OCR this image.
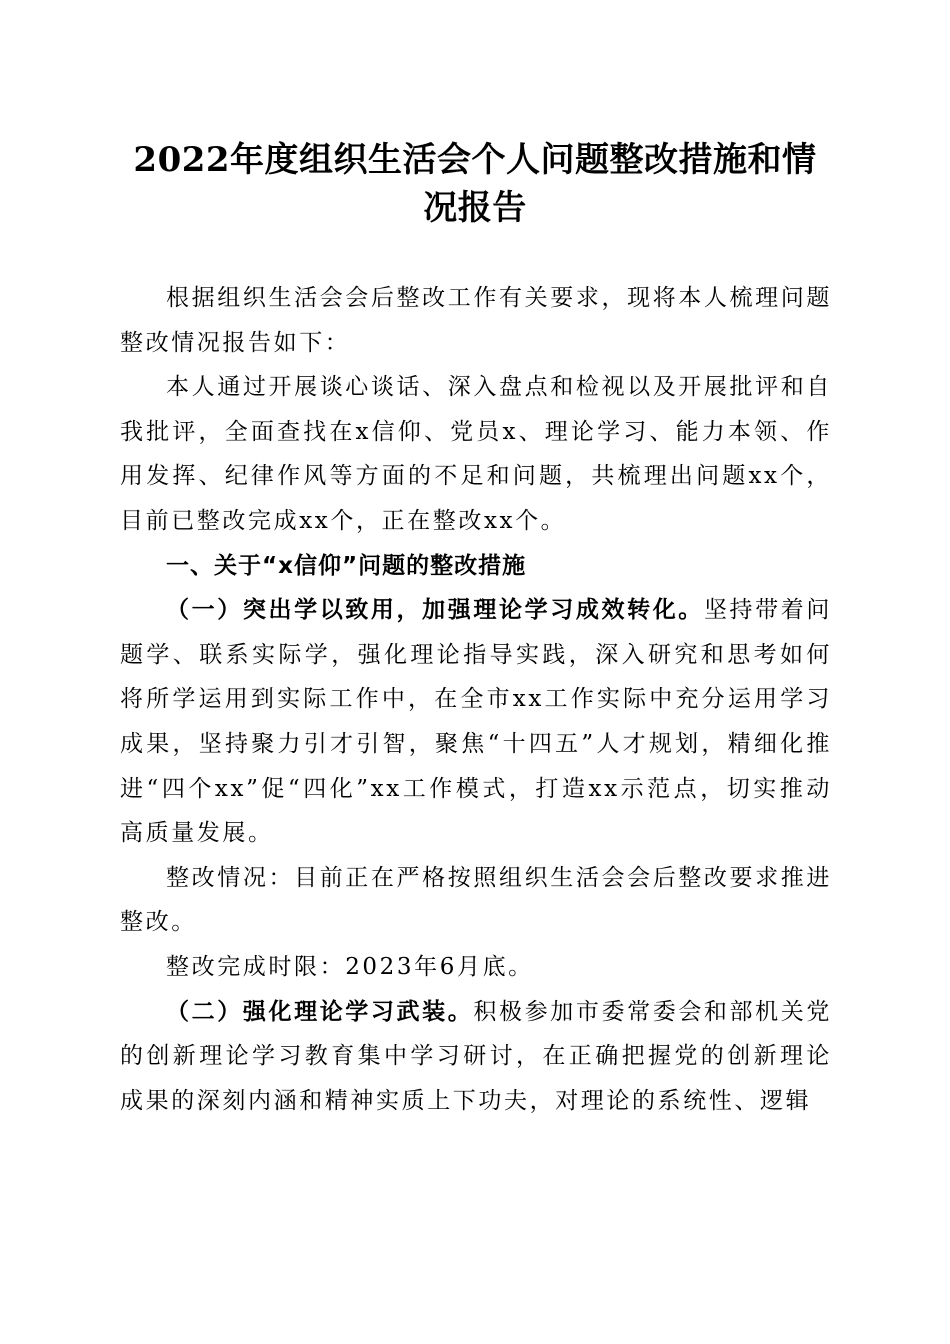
2022年度组织生活会个人问题整改措施和情况报告

根据组织生活会会后整改工作有关要求，现将本人梳理问题整改情况报告如下：

本人通过开展谈心谈话、深入盘点和检视以及开展批评和自我批评，全面查找在x信仰、党员x、理论学习、能力本领、作用发挥、纪律作风等方面的不足和问题，共梳理出问题xx个，目前已整改完成xx个，正在整改xx个。

一、关于“x信仰”问题的整改措施

（一）突出学以致用，加强理论学习成效转化。坚持带着问题学、联系实际学，强化理论指导实践，深入研究和思考如何将所学运用到实际工作中，在全市xx工作实际中充分运用学习成果，坚持聚力引才引智，聚焦“十四五”人才规划，精细化推进“四个xx”促“四化”xx工作模式，打造xx示范点，切实推动高质量发展。

整改情况：目前正在严格按照组织生活会会后整改要求推进整改。

整改完成时限：2023年6月底。

（二）强化理论学习武装。积极参加市委常委会和部机关党的创新理论学习教育集中学习研讨，在正确把握党的创新理论成果的深刻内涵和精神实质上下功夫，对理论的系统性、逻辑
